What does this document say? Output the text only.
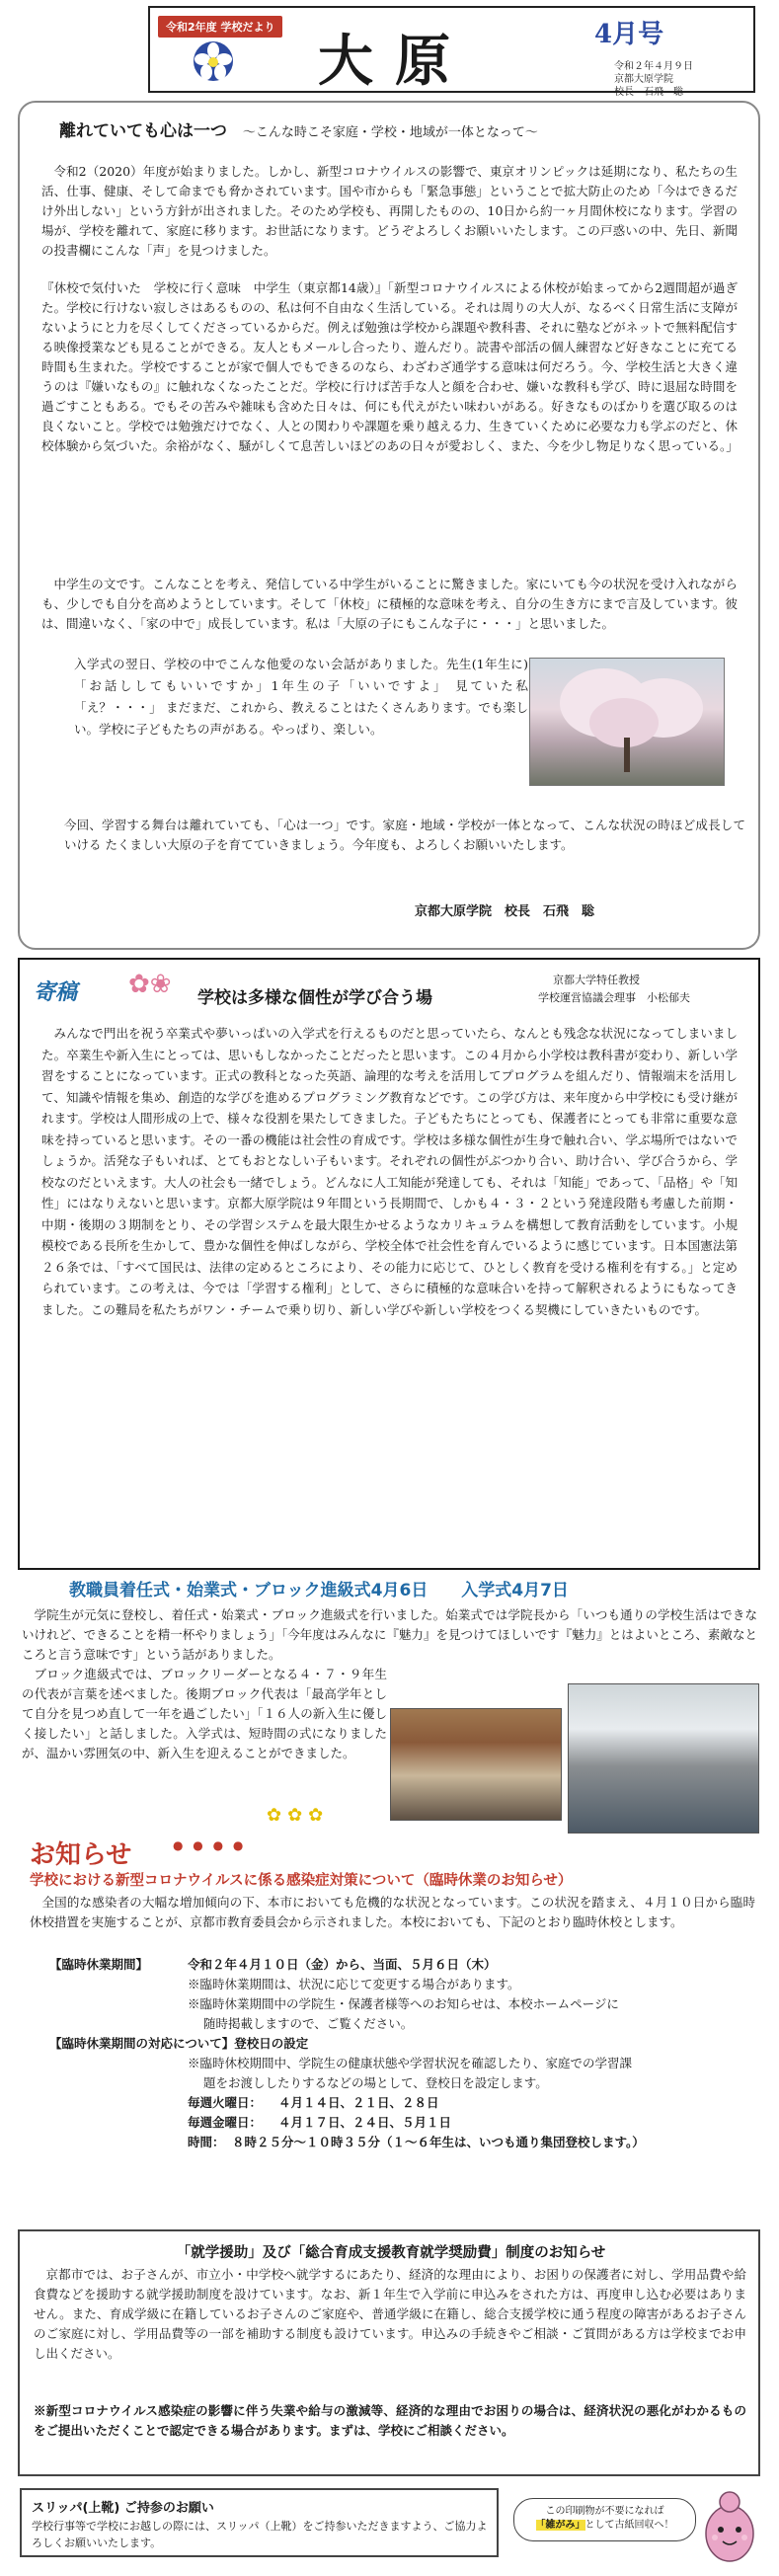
令和2年度 学校だより
大原	4月号
令和２年４月９日
京都大原学院
校長　石飛　聡
離れていても心は一つ ～こんな時こそ家庭・学校・地域が一体となって～
令和2（2020）年度が始まりました。しかし、新型コロナウイルスの影響で、東京オリンピックは延期になり、私たちの生活、仕事、健康、そして命までも脅かされています。国や市からも「緊急事態」ということで拡大防止のため「今はできるだけ外出しない」という方針が出されました。そのため学校も、再開したものの、10日から約一ヶ月間休校になります。学習の場が、学校を離れて、家庭に移ります。お世話になります。どうぞよろしくお願いいたします。この戸惑いの中、先日、新聞の投書欄にこんな「声」を見つけました。
『休校で気付いた　学校に行く意味　中学生（東京都14歳）』「新型コロナウイルスによる休校が始まってから2週間超が過ぎた。学校に行けない寂しさはあるものの、私は何不自由なく生活している。それは周りの大人が、なるべく日常生活に支障がないようにと力を尽くしてくださっているからだ。例えば勉強は学校から課題や教科書、それに塾などがネットで無料配信する映像授業なども見ることができる。友人ともメールし合ったり、遊んだり。読書や部活の個人練習など好きなことに充てる時間も生まれた。学校ですることが家で個人でもできるのなら、わざわざ通学する意味は何だろう。今、学校生活と大きく違うのは『嫌いなもの』に触れなくなったことだ。学校に行けば苦手な人と顔を合わせ、嫌いな教科も学び、時に退屈な時間を過ごすこともある。でもその苦みや雑味も含めた日々は、何にも代えがたい味わいがある。好きなものばかりを選び取るのは良くないこと。学校では勉強だけでなく、人との関わりや課題を乗り越える力、生きていくために必要な力も学ぶのだと、休校体験から気づいた。余裕がなく、騒がしくて息苦しいほどのあの日々が愛おしく、また、今を少し物足りなく思っている。」
中学生の文です。こんなことを考え、発信している中学生がいることに驚きました。家にいても今の状況を受け入れながらも、少しでも自分を高めようとしています。そして「休校」に積極的な意味を考え、自分の生き方にまで言及しています。彼は、間違いなく、「家の中で」成長しています。私は「大原の子にもこんな子に・・・」と思いました。
入学式の翌日、学校の中でこんな他愛のない会話がありました。先生(1年生に)「お話ししてもいいですか」1年生の子「いいですよ」 見ていた私「え？・・・」 まだまだ、これから、教えることはたくさんあります。でも楽しい。学校に子どもたちの声がある。やっぱり、楽しい。
今回、学習する舞台は離れていても、「心は一つ」です。家庭・地域・学校が一体となって、こんな状況の時ほど成長していける たくましい大原の子を育てていきましょう。今年度も、よろしくお願いいたします。
京都大原学院　校長　石飛　聡
寄稿 ✿❀ 学校は多様な個性が学び合う場
京都大学特任教授
学校運営協議会理事　小松郁夫
みんなで門出を祝う卒業式や夢いっぱいの入学式を行えるものだと思っていたら、なんとも残念な状況になってしまいました。卒業生や新入生にとっては、思いもしなかったことだったと思います。この４月から小学校は教科書が変わり、新しい学習をすることになっています。正式の教科となった英語、論理的な考えを活用してプログラムを組んだり、情報端末を活用して、知識や情報を集め、創造的な学びを進めるプログラミング教育などです。この学び方は、来年度から中学校にも受け継がれます。学校は人間形成の上で、様々な役割を果たしてきました。子どもたちにとっても、保護者にとっても非常に重要な意味を持っていると思います。その一番の機能は社会性の育成です。学校は多様な個性が生身で触れ合い、学ぶ場所ではないでしょうか。活発な子もいれば、とてもおとなしい子もいます。それぞれの個性がぶつかり合い、助け合い、学び合うから、学校なのだといえます。大人の社会も一緒でしょう。どんなに人工知能が発達しても、それは「知能」であって、「品格」や「知性」にはなりえないと思います。京都大原学院は９年間という長期間で、しかも４・３・２という発達段階も考慮した前期・中期・後期の３期制をとり、その学習システムを最大限生かせるようなカリキュラムを構想して教育活動をしています。小規模校である長所を生かして、豊かな個性を伸ばしながら、学校全体で社会性を育んでいるように感じています。日本国憲法第２６条では、「すべて国民は、法律の定めるところにより、その能力に応じて、ひとしく教育を受ける権利を有する。」と定められています。この考えは、今では「学習する権利」として、さらに積極的な意味合いを持って解釈されるようにもなってきました。この難局を私たちがワン・チームで乗り切り、新しい学びや新しい学校をつくる契機にしていきたいものです。
教職員着任式・始業式・ブロック進級式4月6日 入学式4月7日
学院生が元気に登校し、着任式・始業式・ブロック進級式を行いました。始業式では学院長から「いつも通りの学校生活はできないけれど、できることを精一杯やりましょう」「今年度はみんなに『魅力』を見つけてほしいです『魅力』とはよいところ、素敵なところと言う意味です」という話がありました。
ブロック進級式では、ブロックリーダーとなる４・７・９年生の代表が言葉を述べました。後期ブロック代表は「最高学年として自分を見つめ直して一年を過ごしたい」「１６人の新入生に優しく接したい」と話しました。入学式は、短時間の式になりましたが、温かい雰囲気の中、新入生を迎えることができました。
✿✿✿
お知らせ	● ● ● ●
学校における新型コロナウイルスに係る感染症対策について（臨時休業のお知らせ）
全国的な感染者の大幅な増加傾向の下、本市においても危機的な状況となっています。この状況を踏まえ、４月１０日から臨時休校措置を実施することが、京都市教育委員会から示されました。本校においても、下記のとおり臨時休校とします。
【臨時休業期間】	令和２年４月１０日（金）から、当面、５月６日（木）
※臨時休業期間は、状況に応じて変更する場合があります。
※臨時休業期間中の学院生・保護者様等へのお知らせは、本校ホームページに
随時掲載しますので、ご覧ください。
【臨時休業期間の対応について】登校日の設定
※臨時休校期間中、学院生の健康状態や学習状況を確認したり、家庭での学習課
題をお渡ししたりするなどの場として、登校日を設定します。
毎週火曜日： ４月１４日、２１日、２８日
毎週金曜日： ４月１７日、２４日、５月１日
時間： ８時２５分～１０時３５分（１～６年生は、いつも通り集団登校します。）
「就学援助」及び「総合育成支援教育就学奨励費」制度のお知らせ
京都市では、お子さんが、市立小・中学校へ就学するにあたり、経済的な理由により、お困りの保護者に対し、学用品費や給食費などを援助する就学援助制度を設けています。なお、新１年生で入学前に申込みをされた方は、再度申し込む必要はありません。また、育成学級に在籍しているお子さんのご家庭や、普通学級に在籍し、総合支援学校に通う程度の障害があるお子さんのご家庭に対し、学用品費等の一部を補助する制度も設けています。申込みの手続きやご相談・ご質問がある方は学校までお申し出ください。
※新型コロナウイルス感染症の影響に伴う失業や給与の激減等、経済的な理由でお困りの場合は、経済状況の悪化がわかるものをご提出いただくことで認定できる場合があります。まずは、学校にご相談ください。
スリッパ(上靴) ご持参のお願い
学校行事等で学校にお越しの際には、スリッパ（上靴）をご持参いただきますよう、ご協力よろしくお願いいたします。
この印刷物が不要になれば
「雑がみ」として古紙回収へ！
